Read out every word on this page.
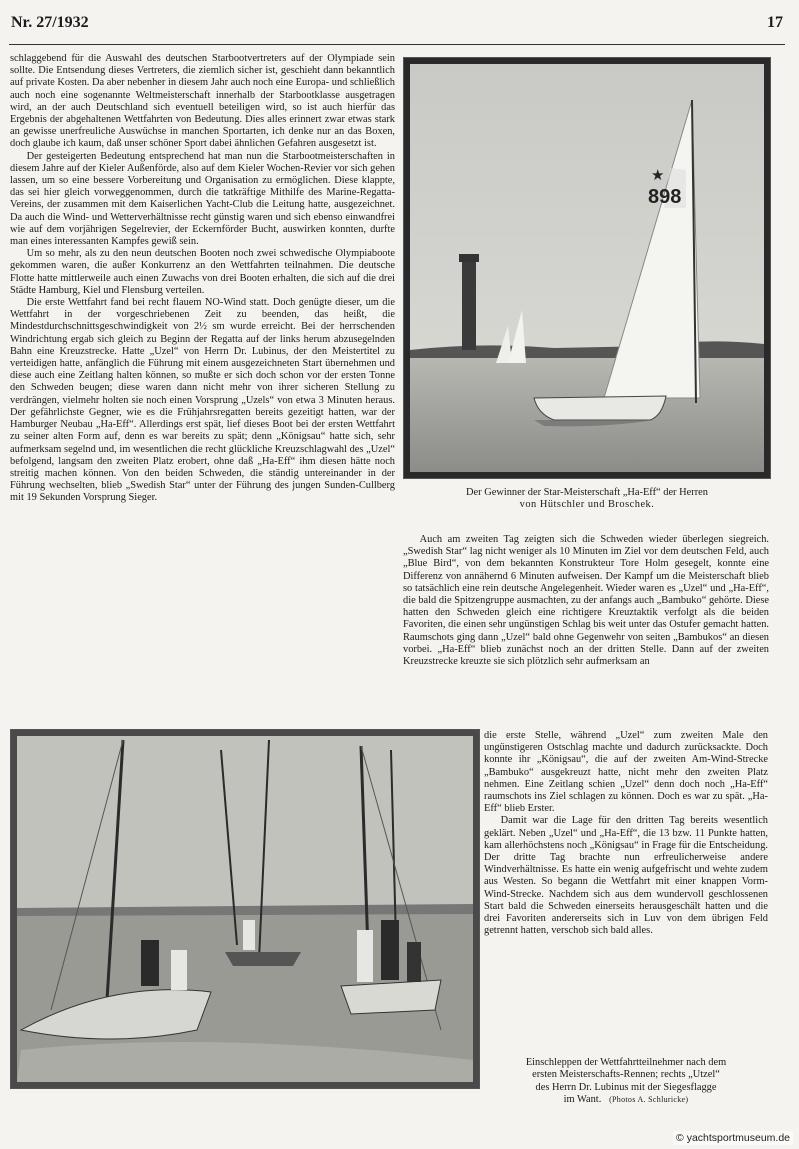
Nr. 27/1932	17

schlaggebend für die Auswahl des deutschen Starbootvertreters auf der Olympiade sein sollte. Die Entsendung dieses Vertreters, die ziemlich sicher ist, geschieht dann bekanntlich auf private Kosten. Da aber nebenher in diesem Jahr auch noch eine Europa- und schließlich auch noch eine sogenannte Weltmeisterschaft innerhalb der Starbootklasse ausgetragen wird, an der auch Deutschland sich eventuell beteiligen wird, so ist auch hierfür das Ergebnis der abgehaltenen Wettfahrten von Bedeutung. Dies alles erinnert zwar etwas stark an gewisse unerfreuliche Auswüchse in manchen Sportarten, ich denke nur an das Boxen, doch glaube ich kaum, daß unser schöner Sport dabei ähnlichen Gefahren ausgesetzt ist.

Der gesteigerten Bedeutung entsprechend hat man nun die Starbootmeisterschaften in diesem Jahre auf der Kieler Außenförde, also auf dem Kieler Wochen-Revier vor sich gehen lassen, um so eine bessere Vorbereitung und Organisation zu ermöglichen. Diese klappte, das sei hier gleich vorweggenommen, durch die tatkräftige Mithilfe des Marine-Regatta-Vereins, der zusammen mit dem Kaiserlichen Yacht-Club die Leitung hatte, ausgezeichnet. Da auch die Wind- und Wetterverhältnisse recht günstig waren und sich ebenso einwandfrei wie auf dem vorjährigen Segelrevier, der Eckernförder Bucht, auswirken konnten, durfte man eines interessanten Kampfes gewiß sein.

Um so mehr, als zu den neun deutschen Booten noch zwei schwedische Olympiaboote gekommen waren, die außer Konkurrenz an den Wettfahrten teilnahmen. Die deutsche Flotte hatte mittlerweile auch einen Zuwachs von drei Booten erhalten, die sich auf die drei Städte Hamburg, Kiel und Flensburg verteilen.

Die erste Wettfahrt fand bei recht flauem NO-Wind statt. Doch genügte dieser, um die Wettfahrt in der vorgeschriebenen Zeit zu beenden, das heißt, die Mindestdurchschnittsgeschwindigkeit von 2½ sm wurde erreicht. Bei der herrschenden Windrichtung ergab sich gleich zu Beginn der Regatta auf der links herum abzusegelnden Bahn eine Kreuzstrecke. Hatte „Uzel“ von Herrn Dr. Lubinus, der den Meistertitel zu verteidigen hatte, anfänglich die Führung mit einem ausgezeichneten Start übernehmen und diese auch eine Zeitlang halten können, so mußte er sich doch schon vor der ersten Tonne den Schweden beugen; diese waren dann nicht mehr von ihrer sicheren Stellung zu verdrängen, vielmehr holten sie noch einen Vorsprung „Uzels“ von etwa 3 Minuten heraus. Der gefährlichste Gegner, wie es die Frühjahrsregatten bereits gezeitigt hatten, war der Hamburger Neubau „Ha-Eff“. Allerdings erst spät, lief dieses Boot bei der ersten Wettfahrt zu seiner alten Form auf, denn es war bereits zu spät; denn „Königsau“ hatte sich, sehr aufmerksam segelnd und, im wesentlichen die recht glückliche Kreuzschlagwahl des „Uzel“ befolgend, langsam den zweiten Platz erobert, ohne daß „Ha-Eff“ ihm diesen hätte noch streitig machen können. Von den beiden Schweden, die ständig untereinander in der Führung wechselten, blieb „Swedish Star“ unter der Führung des jungen Sunden-Cullberg mit 19 Sekunden Vorsprung Sieger.

898
★
Der Gewinner der Star-Meisterschaft „Ha-Eff“ der Herren
von Hütschler und Broschek.

Auch am zweiten Tag zeigten sich die Schweden wieder überlegen siegreich. „Swedish Star“ lag nicht weniger als 10 Minuten im Ziel vor dem deutschen Feld, auch „Blue Bird“, von dem bekannten Konstrukteur Tore Holm gesegelt, konnte eine Differenz von annähernd 6 Minuten aufweisen. Der Kampf um die Meisterschaft blieb so tatsächlich eine rein deutsche Angelegenheit. Wieder waren es „Uzel“ und „Ha-Eff“, die bald die Spitzengruppe ausmachten, zu der anfangs auch „Bambuko“ gehörte. Diese hatten den Schweden gleich eine richtigere Kreuztaktik verfolgt als die beiden Favoriten, die einen sehr ungünstigen Schlag bis weit unter das Ostufer gemacht hatten. Raumschots ging dann „Uzel“ bald ohne Gegenwehr von seiten „Bambukos“ an diesen vorbei. „Ha-Eff“ blieb zunächst noch an der dritten Stelle. Dann auf der zweiten Kreuzstrecke kreuzte sie sich plötzlich sehr aufmerksam an

die erste Stelle, während „Uzel“ zum zweiten Male den ungünstigeren Ostschlag machte und dadurch zurücksackte. Doch konnte ihr „Königsau“, die auf der zweiten Am-Wind-Strecke „Bambuko“ ausgekreuzt hatte, nicht mehr den zweiten Platz nehmen. Eine Zeitlang schien „Uzel“ denn doch noch „Ha-Eff“ raumschots ins Ziel schlagen zu können. Doch es war zu spät. „Ha-Eff“ blieb Erster.

Damit war die Lage für den dritten Tag bereits wesentlich geklärt. Neben „Uzel“ und „Ha-Eff“, die 13 bzw. 11 Punkte hatten, kam allerhöchstens noch „Königsau“ in Frage für die Entscheidung. Der dritte Tag brachte nun erfreulicherweise andere Windverhältnisse. Es hatte ein wenig aufgefrischt und wehte zudem aus Westen. So begann die Wettfahrt mit einer knappen Vorm-Wind-Strecke. Nachdem sich aus dem wundervoll geschlossenen Start bald die Schweden einerseits herausgeschält hatten und die drei Favoriten andererseits sich in Luv von dem übrigen Feld getrennt hatten, verschob sich bald alles.

Einschleppen der Wettfahrtteilnehmer nach dem
ersten Meisterschafts-Rennen; rechts „Utzel“
des Herrn Dr. Lubinus mit der Siegesflagge
im Want. (Photos A. Schluricke)
© yachtsportmuseum.de
